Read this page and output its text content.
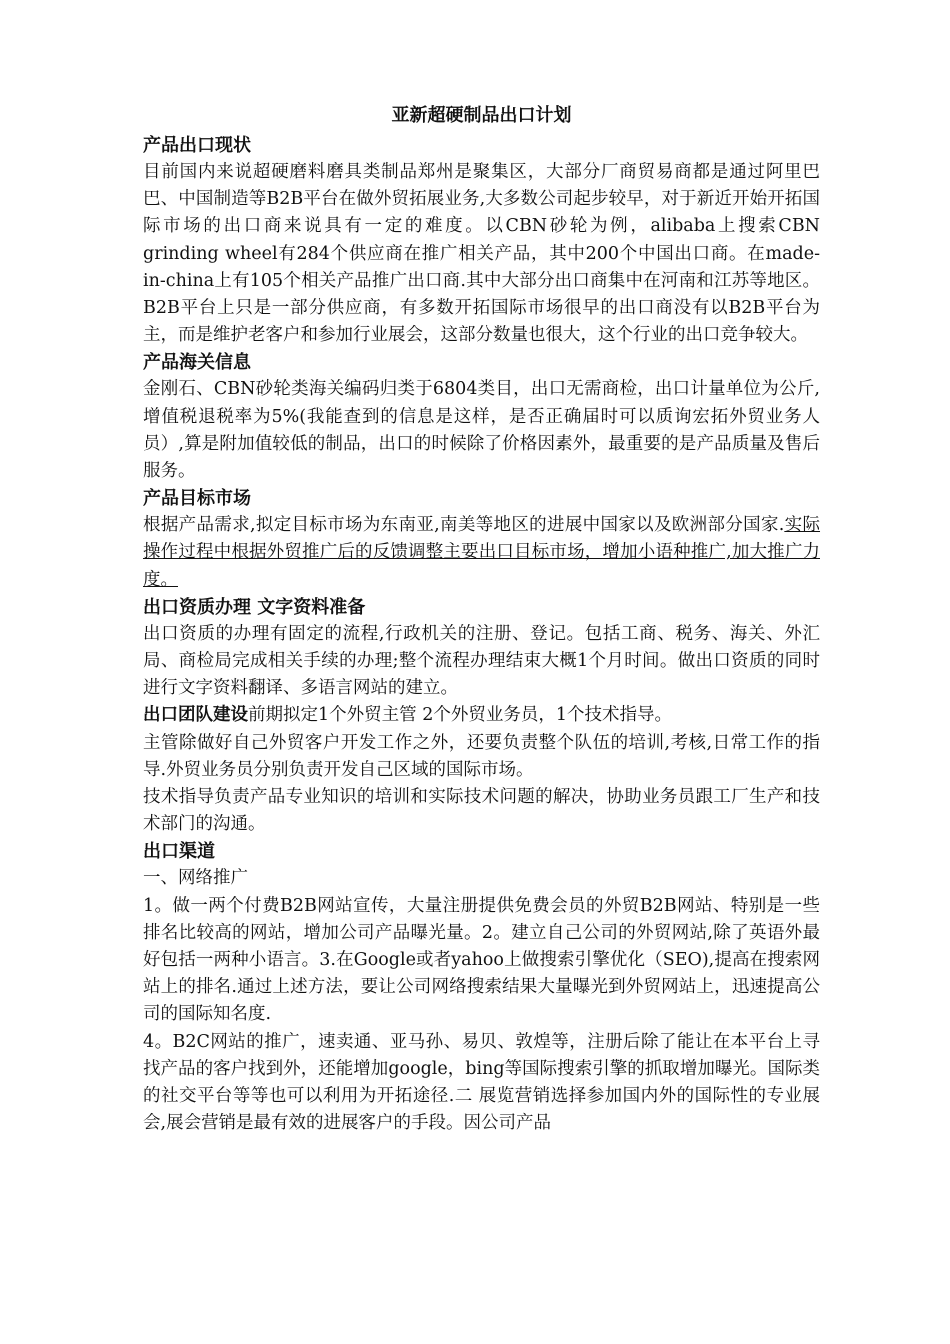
亚新超硬制品出口计划

产品出口现状

目前国内来说超硬磨料磨具类制品郑州是聚集区，大部分厂商贸易商都是通过阿里巴巴、中国制造等B2B平台在做外贸拓展业务,大多数公司起步较早，对于新近开始开拓国际市场的出口商来说具有一定的难度。以CBN砂轮为例，alibaba上搜索CBN grinding wheel有284个供应商在推广相关产品，其中200个中国出口商。在made-in-china上有105个相关产品推广出口商.其中大部分出口商集中在河南和江苏等地区。B2B平台上只是一部分供应商，有多数开拓国际市场很早的出口商没有以B2B平台为主，而是维护老客户和参加行业展会，这部分数量也很大，这个行业的出口竞争较大。

产品海关信息

金刚石、CBN砂轮类海关编码归类于6804类目，出口无需商检，出口计量单位为公斤,增值税退税率为5%(我能查到的信息是这样，是否正确届时可以质询宏拓外贸业务人员）,算是附加值较低的制品，出口的时候除了价格因素外，最重要的是产品质量及售后服务。

产品目标市场

根据产品需求,拟定目标市场为东南亚,南美等地区的进展中国家以及欧洲部分国家.实际操作过程中根据外贸推广后的反馈调整主要出口目标市场，增加小语种推广,加大推广力度。

出口资质办理 文字资料准备

出口资质的办理有固定的流程,行政机关的注册、登记。包括工商、税务、海关、外汇局、商检局完成相关手续的办理;整个流程办理结束大概1个月时间。做出口资质的同时进行文字资料翻译、多语言网站的建立。

出口团队建设前期拟定1个外贸主管 2个外贸业务员，1个技术指导。

主管除做好自己外贸客户开发工作之外，还要负责整个队伍的培训,考核,日常工作的指导.外贸业务员分别负责开发自己区域的国际市场。

技术指导负责产品专业知识的培训和实际技术问题的解决，协助业务员跟工厂生产和技术部门的沟通。

出口渠道

一、网络推广

1。做一两个付费B2B网站宣传，大量注册提供免费会员的外贸B2B网站、特别是一些排名比较高的网站，增加公司产品曝光量。2。建立自己公司的外贸网站,除了英语外最好包括一两种小语言。3.在Google或者yahoo上做搜索引擎优化（SEO),提高在搜索网站上的排名.通过上述方法，要让公司网络搜索结果大量曝光到外贸网站上，迅速提高公司的国际知名度.

4。B2C网站的推广，速卖通、亚马孙、易贝、敦煌等，注册后除了能让在本平台上寻找产品的客户找到外，还能增加google，bing等国际搜索引擎的抓取增加曝光。国际类的社交平台等等也可以利用为开拓途径.二 展览营销选择参加国内外的国际性的专业展会,展会营销是最有效的进展客户的手段。因公司产品
